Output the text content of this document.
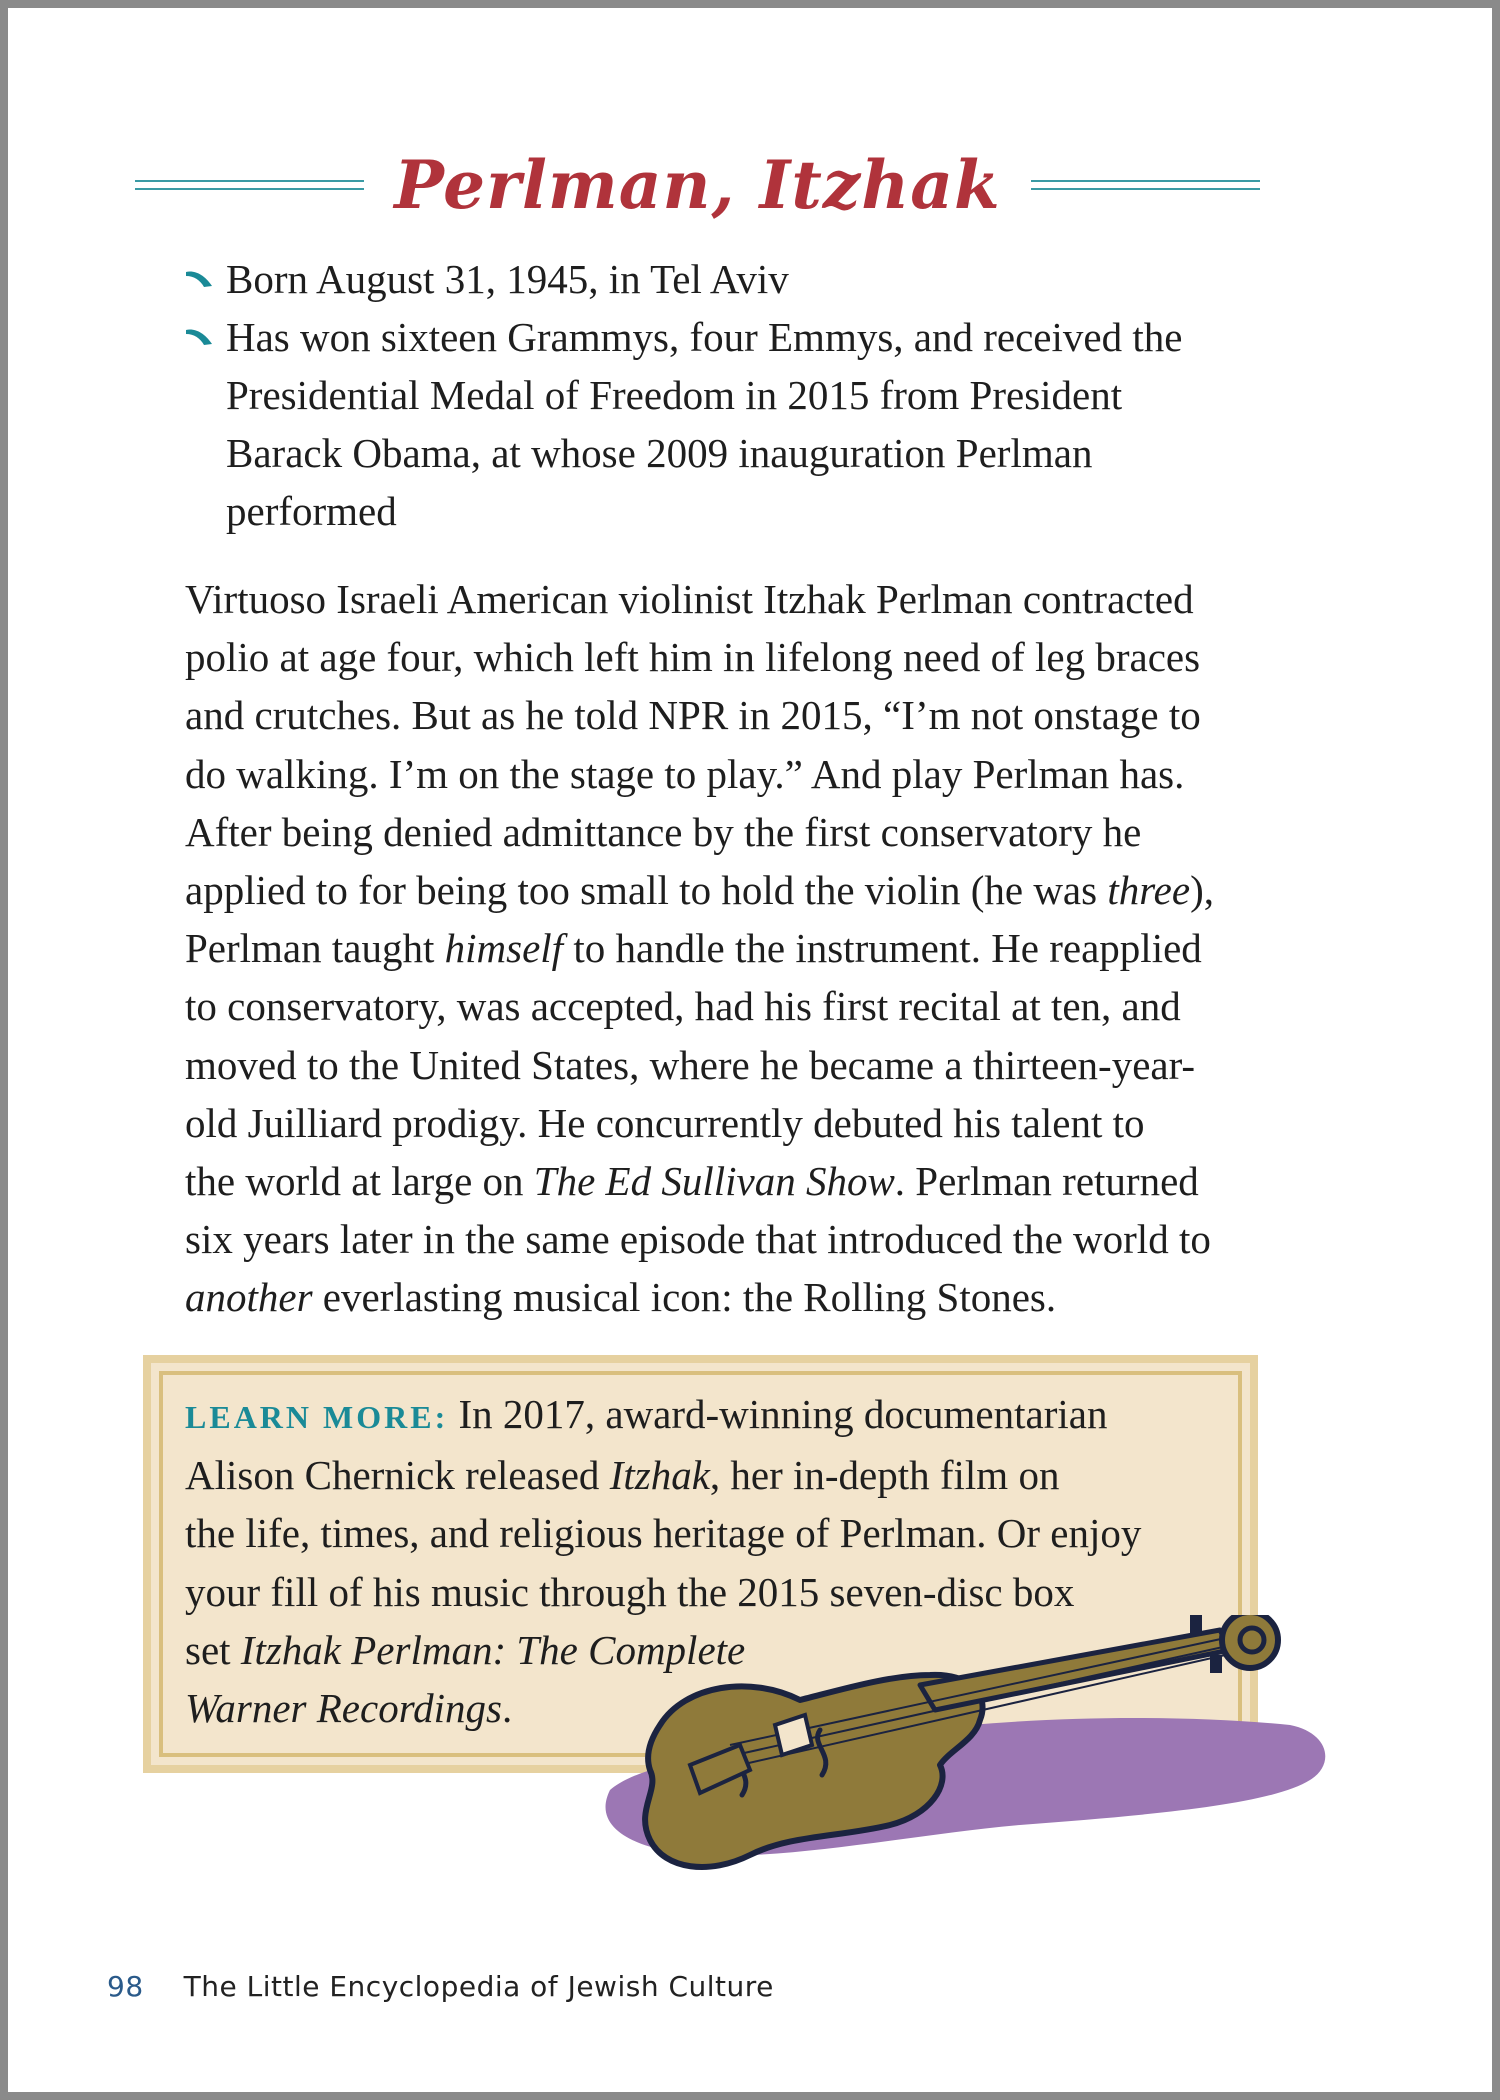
Perlman, Itzhak
Born August 31, 1945, in Tel Aviv
Has won sixteen Grammys, four Emmys, and received the Presidential Medal of Freedom in 2015 from President Barack Obama, at whose 2009 inauguration Perlman performed

Virtuoso Israeli American violinist Itzhak Perlman contracted
polio at age four, which left him in lifelong need of leg braces
and crutches. But as he told NPR in 2015, “I’m not onstage to
do walking. I’m on the stage to play.” And play Perlman has.
After being denied admittance by the first conservatory he
applied to for being too small to hold the violin (he was three),
Perlman taught himself to handle the instrument. He reapplied
to conservatory, was accepted, had his first recital at ten, and
moved to the United States, where he became a thirteen-year-
old Juilliard prodigy. He concurrently debuted his talent to
the world at large on The Ed Sullivan Show. Perlman returned
six years later in the same episode that introduced the world to
another everlasting musical icon: the Rolling Stones.

LEARN MORE: In 2017, award-winning documentarian
Alison Chernick released Itzhak, her in-depth film on
the life, times, and religious heritage of Perlman. Or enjoy
your fill of his music through the 2015 seven-disc box
set Itzhak Perlman: The Complete
Warner Recordings.
98 The Little Encyclopedia of Jewish Culture
